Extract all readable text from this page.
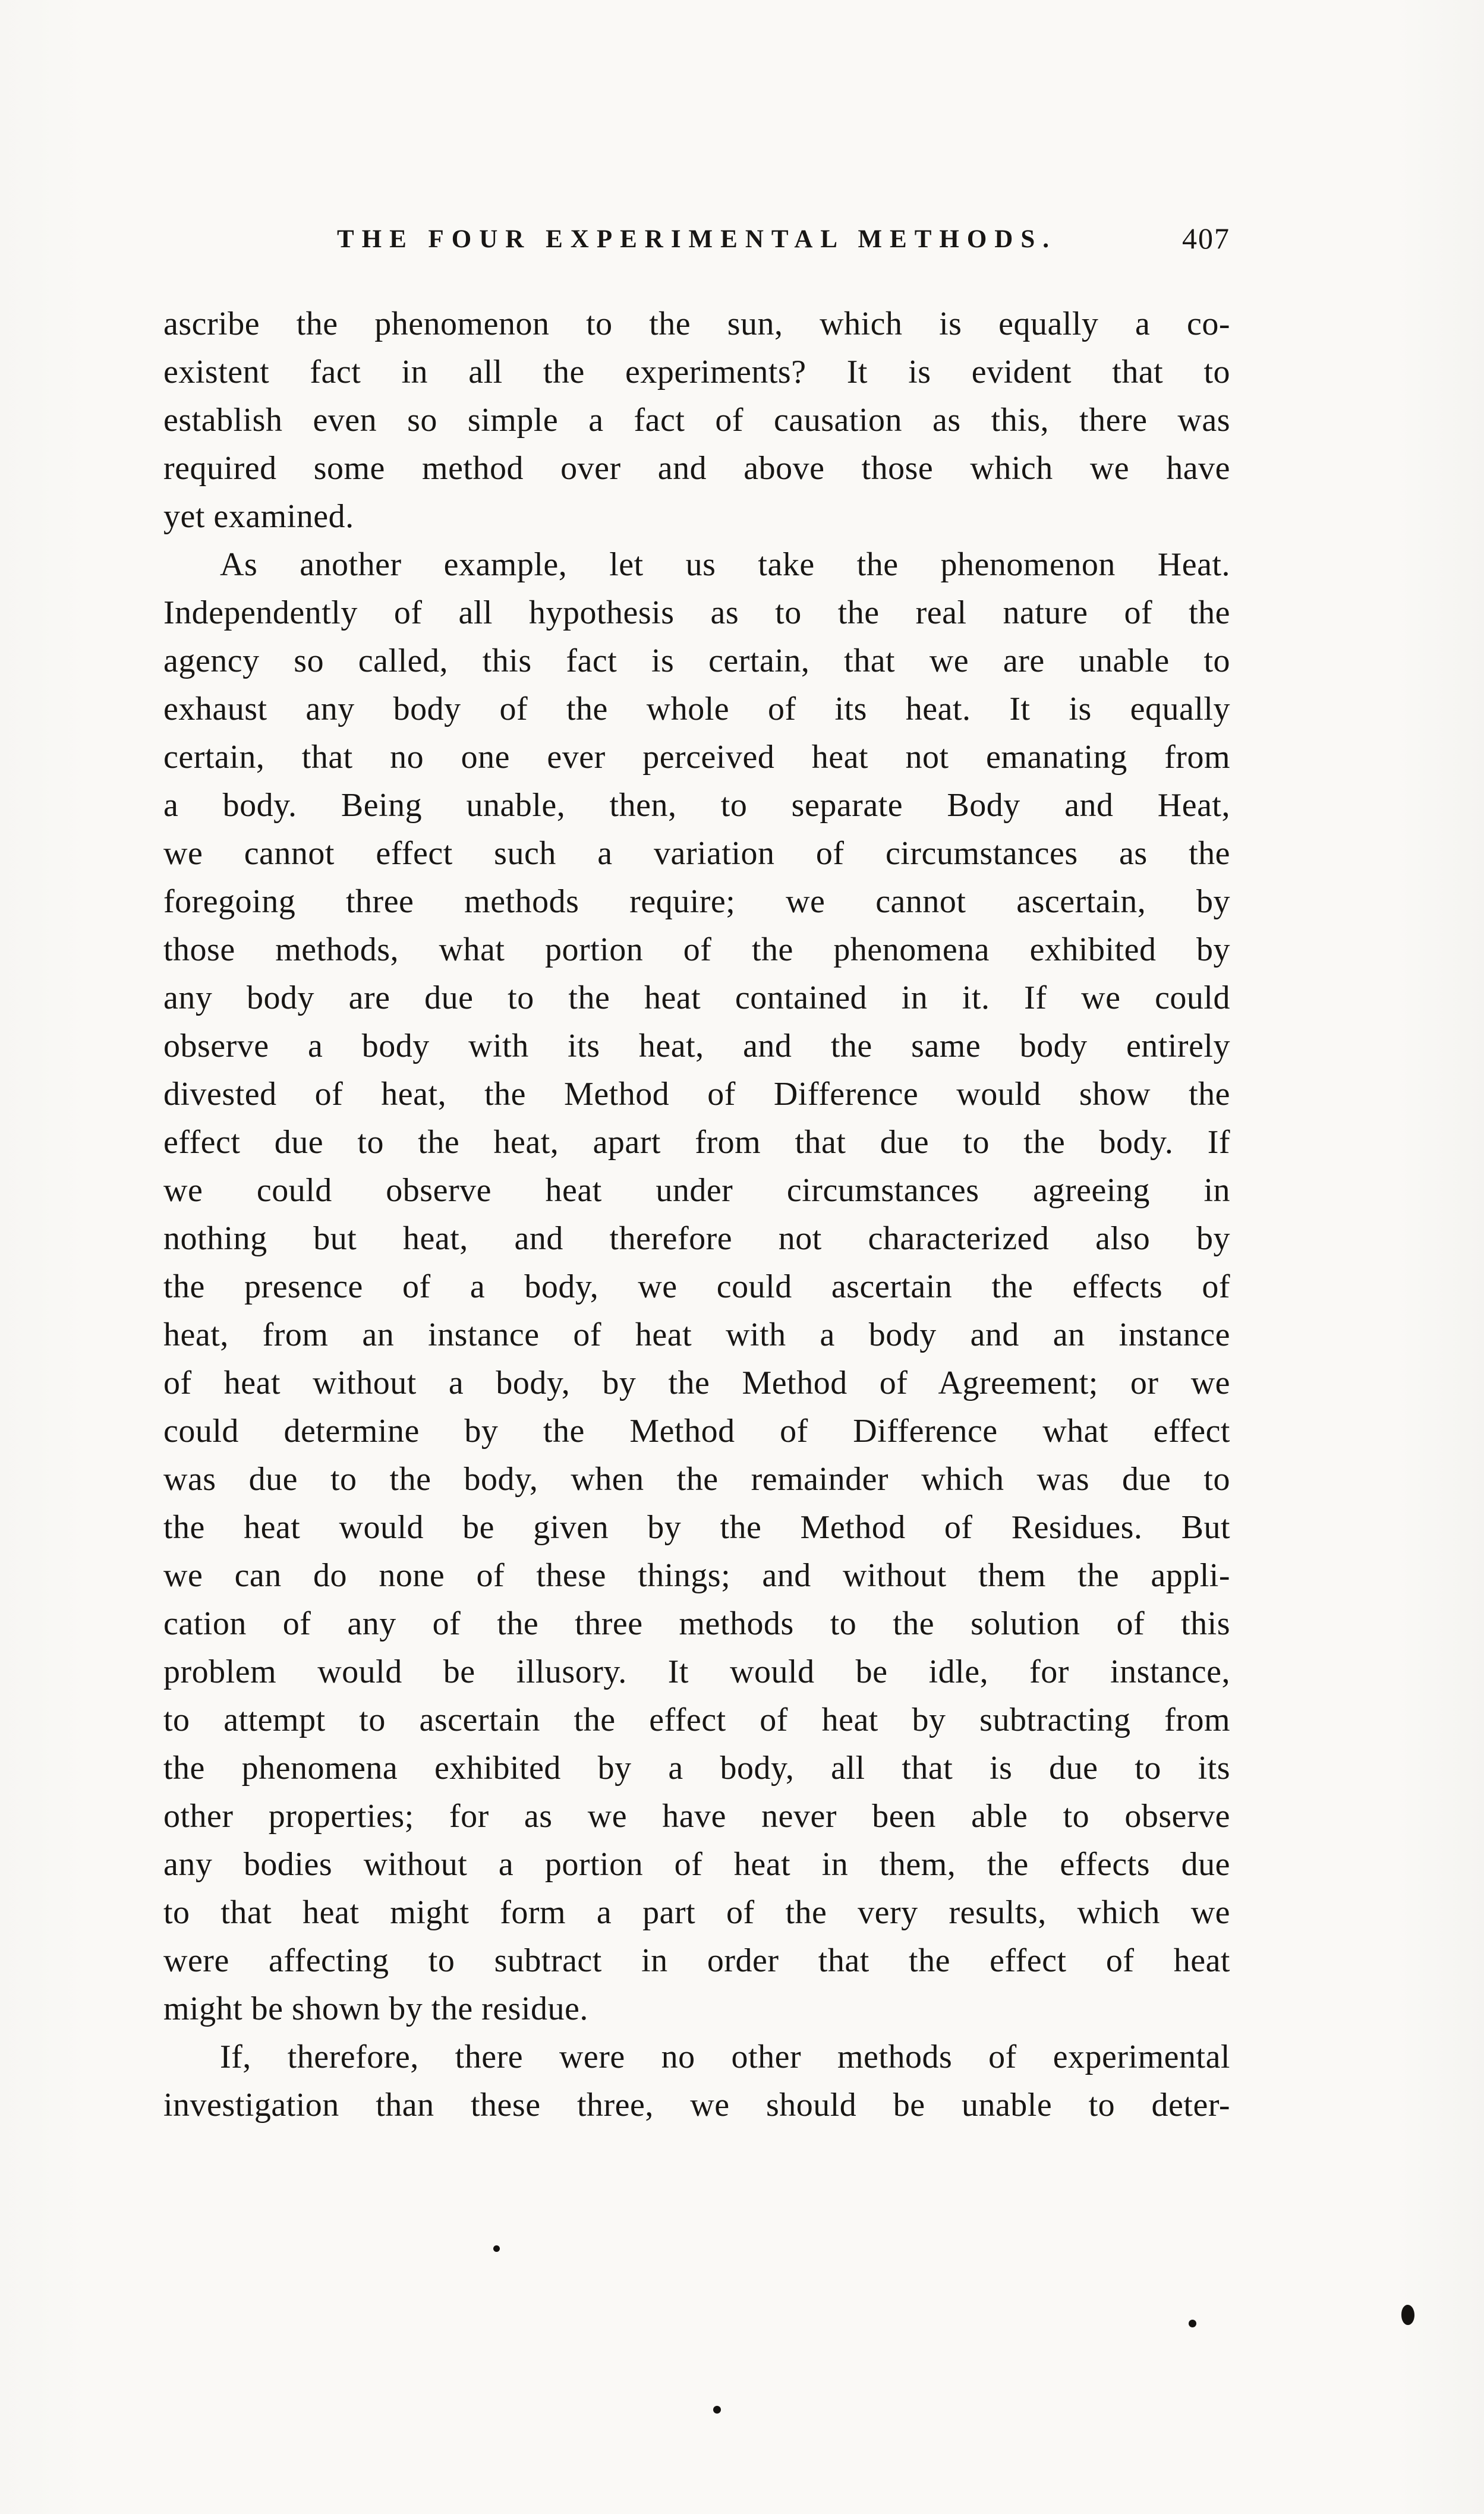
THE FOUR EXPERIMENTAL METHODS.	407
ascribe the phenomenon to the sun, which is equally a co-
existent fact in all the experiments? It is evident that to
establish even so simple a fact of causation as this, there was
required some method over and above those which we have
yet examined.
As another example, let us take the phenomenon Heat.
Independently of all hypothesis as to the real nature of the
agency so called, this fact is certain, that we are unable to
exhaust any body of the whole of its heat. It is equally
certain, that no one ever perceived heat not emanating from
a body. Being unable, then, to separate Body and Heat,
we cannot effect such a variation of circumstances as the
foregoing three methods require; we cannot ascertain, by
those methods, what portion of the phenomena exhibited by
any body are due to the heat contained in it. If we could
observe a body with its heat, and the same body entirely
divested of heat, the Method of Difference would show the
effect due to the heat, apart from that due to the body. If
we could observe heat under circumstances agreeing in
nothing but heat, and therefore not characterized also by
the presence of a body, we could ascertain the effects of
heat, from an instance of heat with a body and an instance
of heat without a body, by the Method of Agreement; or we
could determine by the Method of Difference what effect
was due to the body, when the remainder which was due to
the heat would be given by the Method of Residues. But
we can do none of these things; and without them the appli-
cation of any of the three methods to the solution of this
problem would be illusory. It would be idle, for instance,
to attempt to ascertain the effect of heat by subtracting from
the phenomena exhibited by a body, all that is due to its
other properties; for as we have never been able to observe
any bodies without a portion of heat in them, the effects due
to that heat might form a part of the very results, which we
were affecting to subtract in order that the effect of heat
might be shown by the residue.
If, therefore, there were no other methods of experimental
investigation than these three, we should be unable to deter-
